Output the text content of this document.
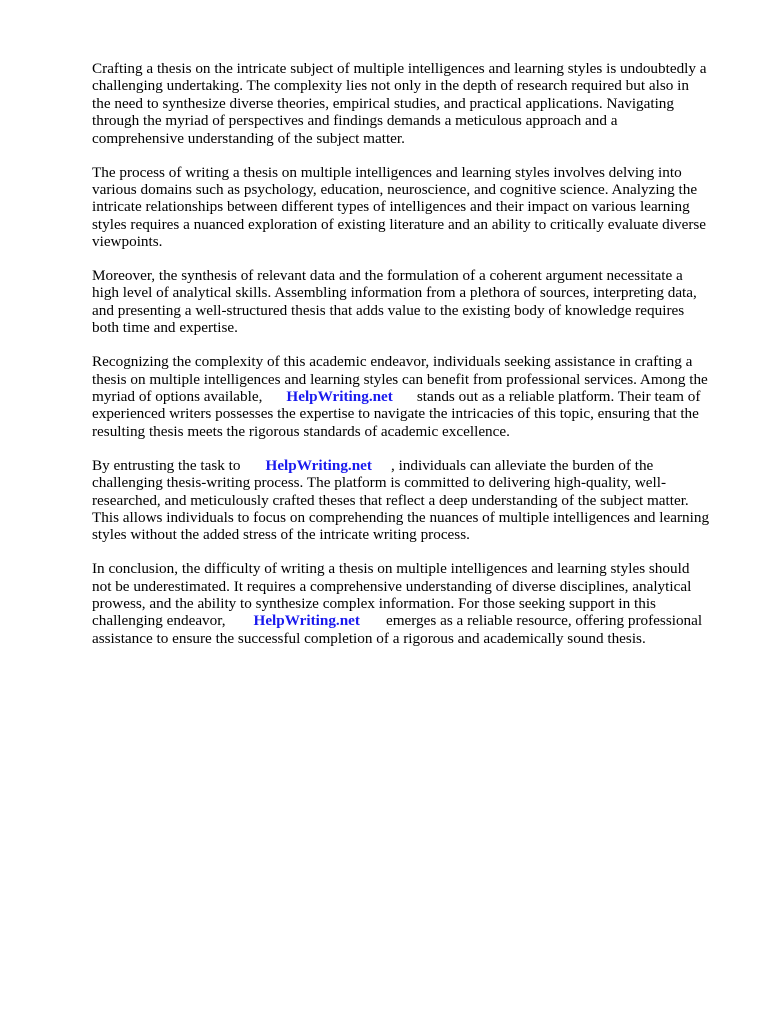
Crafting a thesis on the intricate subject of multiple intelligences and learning styles is undoubtedly a
challenging undertaking. The complexity lies not only in the depth of research required but also in
the need to synthesize diverse theories, empirical studies, and practical applications. Navigating
through the myriad of perspectives and findings demands a meticulous approach and a
comprehensive understanding of the subject matter.

The process of writing a thesis on multiple intelligences and learning styles involves delving into
various domains such as psychology, education, neuroscience, and cognitive science. Analyzing the
intricate relationships between different types of intelligences and their impact on various learning
styles requires a nuanced exploration of existing literature and an ability to critically evaluate diverse
viewpoints.

Moreover, the synthesis of relevant data and the formulation of a coherent argument necessitate a
high level of analytical skills. Assembling information from a plethora of sources, interpreting data,
and presenting a well-structured thesis that adds value to the existing body of knowledge requires
both time and expertise.

Recognizing the complexity of this academic endeavor, individuals seeking assistance in crafting a
thesis on multiple intelligences and learning styles can benefit from professional services. Among the
myriad of options available, HelpWriting.net stands out as a reliable platform. Their team of
experienced writers possesses the expertise to navigate the intricacies of this topic, ensuring that the
resulting thesis meets the rigorous standards of academic excellence.

By entrusting the task to HelpWriting.net , individuals can alleviate the burden of the
challenging thesis-writing process. The platform is committed to delivering high-quality, well-
researched, and meticulously crafted theses that reflect a deep understanding of the subject matter.
This allows individuals to focus on comprehending the nuances of multiple intelligences and learning
styles without the added stress of the intricate writing process.

In conclusion, the difficulty of writing a thesis on multiple intelligences and learning styles should
not be underestimated. It requires a comprehensive understanding of diverse disciplines, analytical
prowess, and the ability to synthesize complex information. For those seeking support in this
challenging endeavor, HelpWriting.net emerges as a reliable resource, offering professional
assistance to ensure the successful completion of a rigorous and academically sound thesis.
